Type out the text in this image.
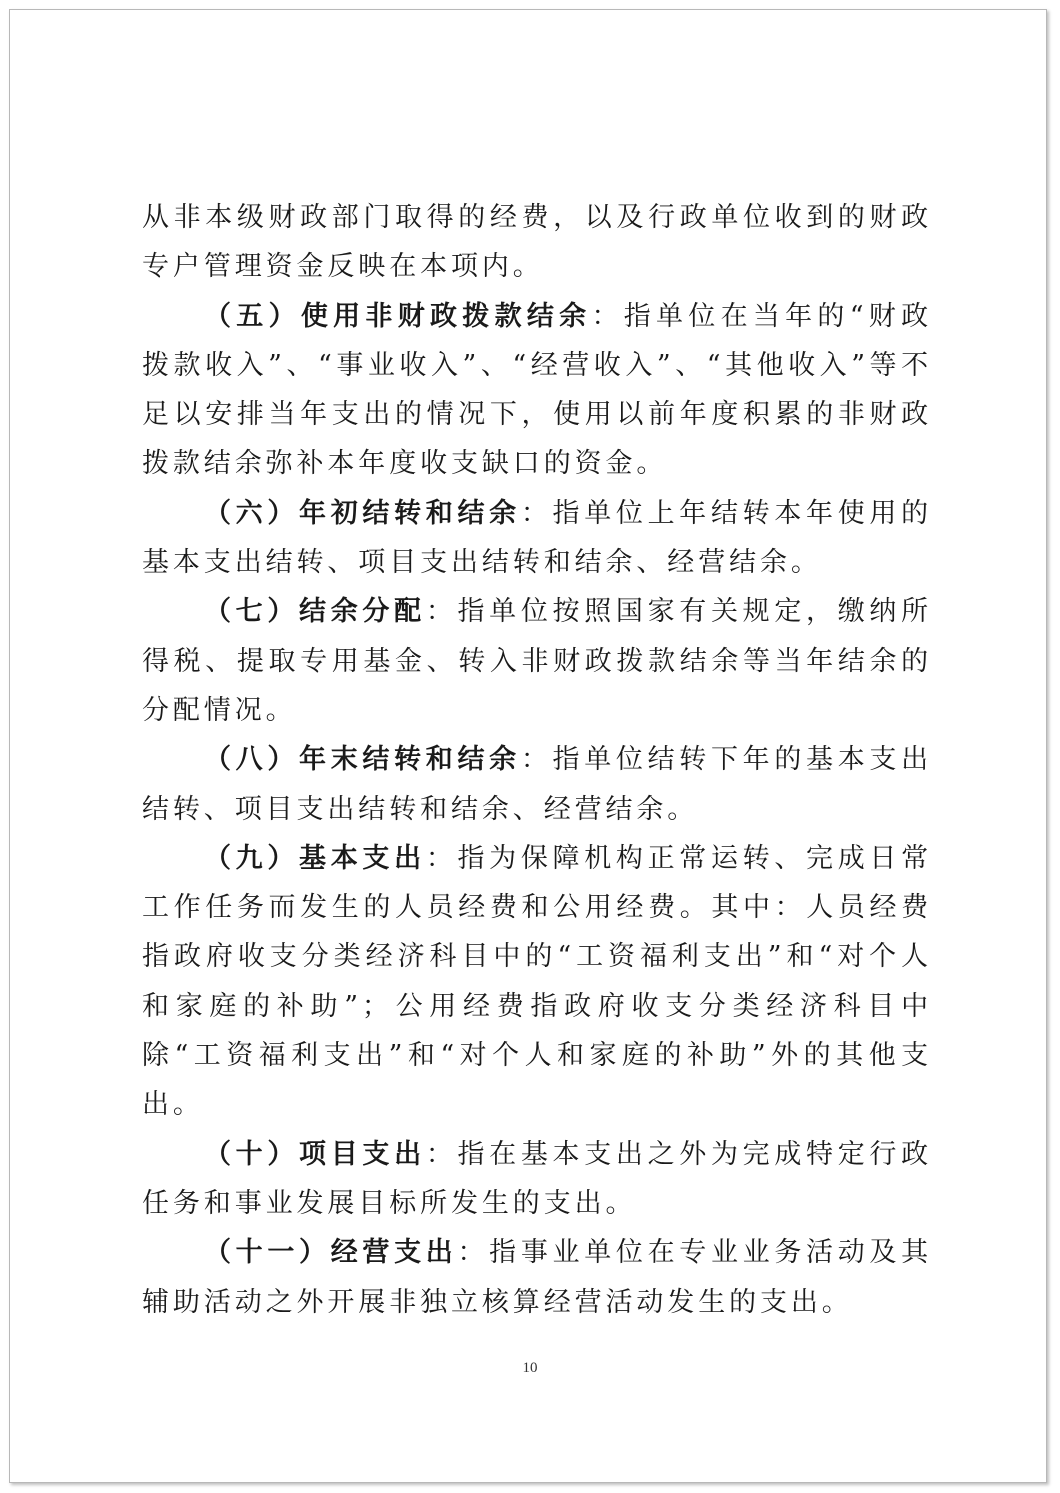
从非本级财政部门取得的经费，以及行政单位收到的财政专户管理资金反映在本项内。

（五）使用非财政拨款结余：指单位在当年的“财政拨款收入”、“事业收入”、“经营收入”、“其他收入”等不足以安排当年支出的情况下，使用以前年度积累的非财政拨款结余弥补本年度收支缺口的资金。

（六）年初结转和结余：指单位上年结转本年使用的基本支出结转、项目支出结转和结余、经营结余。

（七）结余分配：指单位按照国家有关规定，缴纳所得税、提取专用基金、转入非财政拨款结余等当年结余的分配情况。

（八）年末结转和结余：指单位结转下年的基本支出结转、项目支出结转和结余、经营结余。

（九）基本支出：指为保障机构正常运转、完成日常工作任务而发生的人员经费和公用经费。其中：人员经费指政府收支分类经济科目中的“工资福利支出”和“对个人和家庭的补助”；公用经费指政府收支分类经济科目中除“工资福利支出”和“对个人和家庭的补助”外的其他支出。

（十）项目支出：指在基本支出之外为完成特定行政任务和事业发展目标所发生的支出。

（十一）经营支出：指事业单位在专业业务活动及其辅助活动之外开展非独立核算经营活动发生的支出。

10
